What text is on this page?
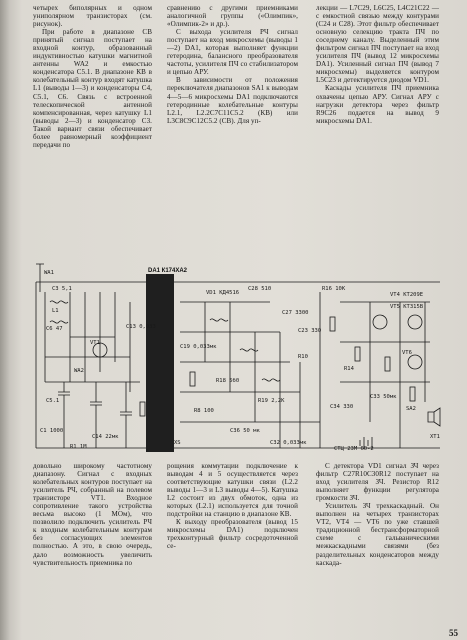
четырех биполярных и одном униполярном транзисторах (см. рисунок).
При работе в диапазоне СВ принятый сигнал поступает на входной контур, образованный индуктивностью катушки магнитной антенны WA2 и емкостью конденсатора С5.1. В диапазоне КВ в колебательный контур входят катушка L1 (выводы 1—3) и конденсаторы С4, С5.1, С6. Связь с встроенной телескопической антенной компенсированная, через катушку L1 (выводы 2—3) и конденсатор С3. Такой вариант связи обеспечивает более равномерный коэффициент передачи по
сравнению с другими приемниками аналогичной группы («Олимпик», «Олимпик-2» и др.).
С выхода усилителя РЧ сигнал поступает на вход микросхемы (выводы 1—2) DA1, которая выполняет функции гетеродина, балансного преобразователя частоты, усилителя ПЧ со стабилизатором и цепью АРУ.
В зависимости от положения переключателя диапазонов SA1 к выводам 4—5—6 микросхемы DA1 подключаются гетеродинные колебательные контуры L2.1, L2.2С7С11С5.2 (КВ) или L3С8С9С12С5.2 (СВ). Для уп-
лекции — L7С29, L6С25, L4С21С22 — с емкостной связью между контурами (С24 и С28). Этот фильтр обеспечивает основную селекцию тракта ПЧ по соседнему каналу. Выделенный этим фильтром сигнал ПЧ поступает на вход усилителя ПЧ (вывод 12 микросхемы DA1). Усиленный сигнал ПЧ (вывод 7 микросхемы) выделяется контуром L5С23 и детектируется диодом VD1.
Каскады усилителя ПЧ приемника охвачены цепью АРУ. Сигнал АРУ с нагрузки детектора через фильтр R9С26 подается на вывод 9 микросхемы DA1.
DA1 К174ХА2
WA1
С3 5,1
L1
VT1
С6 47
WA2
С5.1
С1 1000
С14 22мк
R1 1М
VD1 КД4516
С28 510
С27 3300
R16 10К
VT4 КТ209Е
VT5 КТ315В
VT6
R14
С33 50мк
SA2
XT1
СТЦ 2ЗМ 60-2
R8 100
С36 50 мк
С32 0,033мк
С19 0,033мк
R19 2,2К
С13 0,033
XS
R18 5б0
С23 ЗЗО
R10
С34 330
довольно широкому частотному диапазону. Сигнал с входных колебательных контуров поступает на усилитель РЧ, собранный на полевом транзисторе VT1. Входное сопротивление такого устройства весьма высоко (1 МОм), что позволило подключить усилитель РЧ к входным колебательным контурам без согласующих элементов полностью. А это, в свою очередь, дало возможность увеличить чувствительность приемника по
рощения коммутации подключение к выводам 4 и 5 осуществляется через соответствующие катушки связи (L2.2 выводы 1—3 и L3 выводы 4—5). Катушка L2 состоит из двух обмоток, одна из которых (L2.1) используется для точной подстройки на станцию в диапазоне КВ.
К выходу преобразователя (вывод 15 микросхемы DA1) подключен трехконтурный фильтр сосредоточенной се-
С детектора VD1 сигнал ЗЧ через фильтр С27R10С30R12 поступает на вход усилителя ЗЧ. Резистор R12 выполняет функции регулятора громкости ЗЧ.
Усилитель ЗЧ трехкаскадный. Он выполнен на четырех транзисторах VT2, VT4 — VT6 по уже ставшей традиционной бестрансформаторной схеме с гальваническими межкаскадными связями (без разделительных конденсаторов между каскада-
55
